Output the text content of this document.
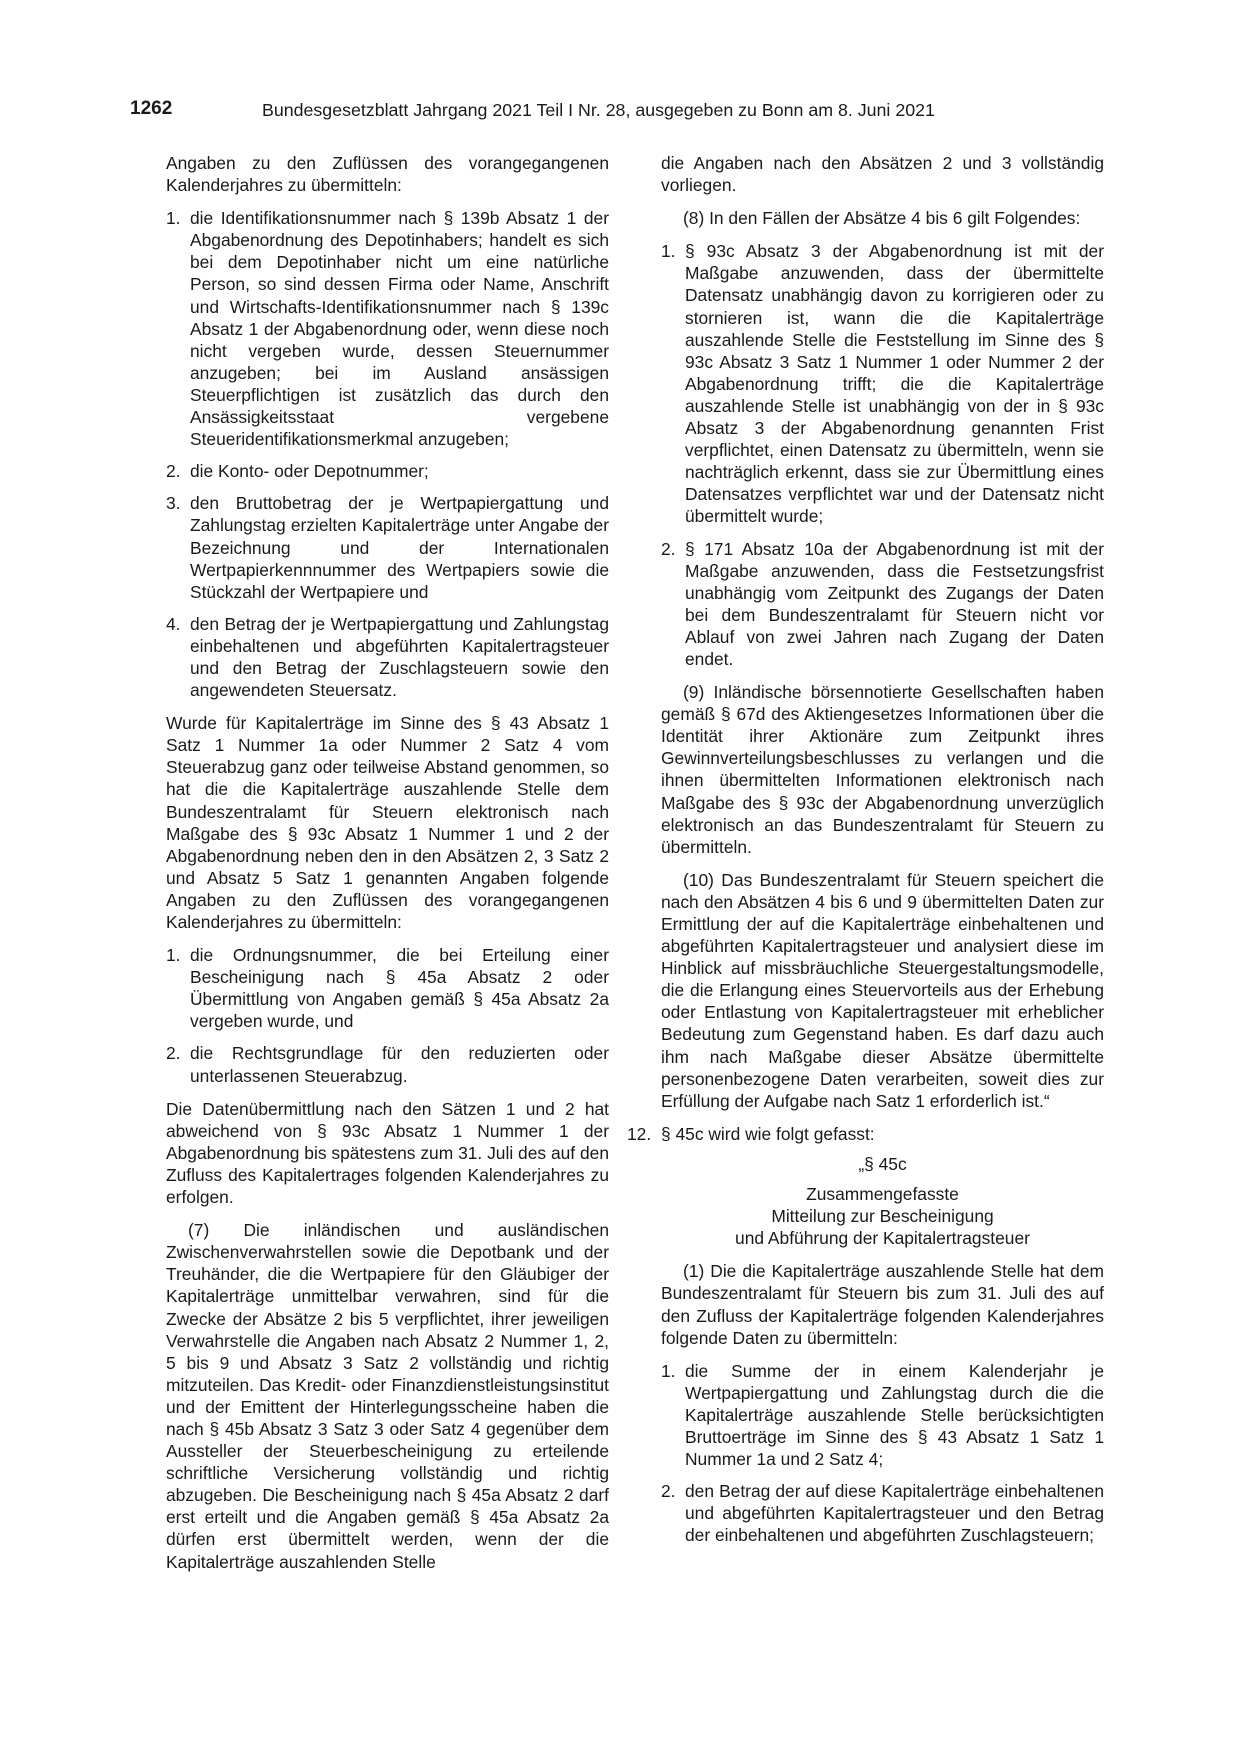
1262	Bundesgesetzblatt Jahrgang 2021 Teil I Nr. 28, ausgegeben zu Bonn am 8. Juni 2021

Angaben zu den Zuflüssen des vorangegangenen Kalenderjahres zu übermitteln:

1. die Identifikationsnummer nach § 139b Absatz 1 der Abgabenordnung des Depotinhabers; handelt es sich bei dem Depotinhaber nicht um eine natürliche Person, so sind dessen Firma oder Name, Anschrift und Wirtschafts-Identifikationsnummer nach § 139c Absatz 1 der Abgabenordnung oder, wenn diese noch nicht vergeben wurde, dessen Steuernummer anzugeben; bei im Ausland ansässigen Steuerpflichtigen ist zusätzlich das durch den Ansässigkeitsstaat vergebene Steueridentifikationsmerkmal anzugeben;
2. die Konto- oder Depotnummer;
3. den Bruttobetrag der je Wertpapiergattung und Zahlungstag erzielten Kapitalerträge unter Angabe der Bezeichnung und der Internationalen Wertpapierkennnummer des Wertpapiers sowie die Stückzahl der Wertpapiere und
4. den Betrag der je Wertpapiergattung und Zahlungstag einbehaltenen und abgeführten Kapitalertragsteuer und den Betrag der Zuschlagsteuern sowie den angewendeten Steuersatz.

Wurde für Kapitalerträge im Sinne des § 43 Absatz 1 Satz 1 Nummer 1a oder Nummer 2 Satz 4 vom Steuerabzug ganz oder teilweise Abstand genommen, so hat die die Kapitalerträge auszahlende Stelle dem Bundeszentralamt für Steuern elektronisch nach Maßgabe des § 93c Absatz 1 Nummer 1 und 2 der Abgabenordnung neben den in den Absätzen 2, 3 Satz 2 und Absatz 5 Satz 1 genannten Angaben folgende Angaben zu den Zuflüssen des vorangegangenen Kalenderjahres zu übermitteln:

1. die Ordnungsnummer, die bei Erteilung einer Bescheinigung nach § 45a Absatz 2 oder Übermittlung von Angaben gemäß § 45a Absatz 2a vergeben wurde, und
2. die Rechtsgrundlage für den reduzierten oder unterlassenen Steuerabzug.

Die Datenübermittlung nach den Sätzen 1 und 2 hat abweichend von § 93c Absatz 1 Nummer 1 der Abgabenordnung bis spätestens zum 31. Juli des auf den Zufluss des Kapitalertrages folgenden Kalenderjahres zu erfolgen.

(7) Die inländischen und ausländischen Zwischenverwahrstellen sowie die Depotbank und der Treuhänder, die die Wertpapiere für den Gläubiger der Kapitalerträge unmittelbar verwahren, sind für die Zwecke der Absätze 2 bis 5 verpflichtet, ihrer jeweiligen Verwahrstelle die Angaben nach Absatz 2 Nummer 1, 2, 5 bis 9 und Absatz 3 Satz 2 vollständig und richtig mitzuteilen. Das Kredit- oder Finanzdienstleistungsinstitut und der Emittent der Hinterlegungsscheine haben die nach § 45b Absatz 3 Satz 3 oder Satz 4 gegenüber dem Aussteller der Steuerbescheinigung zu erteilende schriftliche Versicherung vollständig und richtig abzugeben. Die Bescheinigung nach § 45a Absatz 2 darf erst erteilt und die Angaben gemäß § 45a Absatz 2a dürfen erst übermittelt werden, wenn der die Kapitalerträge auszahlenden Stelle

die Angaben nach den Absätzen 2 und 3 vollständig vorliegen.

(8) In den Fällen der Absätze 4 bis 6 gilt Folgendes:

1. § 93c Absatz 3 der Abgabenordnung ist mit der Maßgabe anzuwenden, dass der übermittelte Datensatz unabhängig davon zu korrigieren oder zu stornieren ist, wann die die Kapitalerträge auszahlende Stelle die Feststellung im Sinne des § 93c Absatz 3 Satz 1 Nummer 1 oder Nummer 2 der Abgabenordnung trifft; die die Kapitalerträge auszahlende Stelle ist unabhängig von der in § 93c Absatz 3 der Abgabenordnung genannten Frist verpflichtet, einen Datensatz zu übermitteln, wenn sie nachträglich erkennt, dass sie zur Übermittlung eines Datensatzes verpflichtet war und der Datensatz nicht übermittelt wurde;
2. § 171 Absatz 10a der Abgabenordnung ist mit der Maßgabe anzuwenden, dass die Festsetzungsfrist unabhängig vom Zeitpunkt des Zugangs der Daten bei dem Bundeszentralamt für Steuern nicht vor Ablauf von zwei Jahren nach Zugang der Daten endet.

(9) Inländische börsennotierte Gesellschaften haben gemäß § 67d des Aktiengesetzes Informationen über die Identität ihrer Aktionäre zum Zeitpunkt ihres Gewinnverteilungsbeschlusses zu verlangen und die ihnen übermittelten Informationen elektronisch nach Maßgabe des § 93c der Abgabenordnung unverzüglich elektronisch an das Bundeszentralamt für Steuern zu übermitteln.

(10) Das Bundeszentralamt für Steuern speichert die nach den Absätzen 4 bis 6 und 9 übermittelten Daten zur Ermittlung der auf die Kapitalerträge einbehaltenen und abgeführten Kapitalertragsteuer und analysiert diese im Hinblick auf missbräuchliche Steuergestaltungsmodelle, die die Erlangung eines Steuervorteils aus der Erhebung oder Entlastung von Kapitalertragsteuer mit erheblicher Bedeutung zum Gegenstand haben. Es darf dazu auch ihm nach Maßgabe dieser Absätze übermittelte personenbezogene Daten verarbeiten, soweit dies zur Erfüllung der Aufgabe nach Satz 1 erforderlich ist.“

12. § 45c wird wie folgt gefasst:

„§ 45c

Zusammengefasste

Mitteilung zur Bescheinigung

und Abführung der Kapitalertragsteuer

(1) Die die Kapitalerträge auszahlende Stelle hat dem Bundeszentralamt für Steuern bis zum 31. Juli des auf den Zufluss der Kapitalerträge folgenden Kalenderjahres folgende Daten zu übermitteln:

1. die Summe der in einem Kalenderjahr je Wertpapiergattung und Zahlungstag durch die die Kapitalerträge auszahlende Stelle berücksichtigten Bruttoerträge im Sinne des § 43 Absatz 1 Satz 1 Nummer 1a und 2 Satz 4;
2. den Betrag der auf diese Kapitalerträge einbehaltenen und abgeführten Kapitalertragsteuer und den Betrag der einbehaltenen und abgeführten Zuschlagsteuern;
